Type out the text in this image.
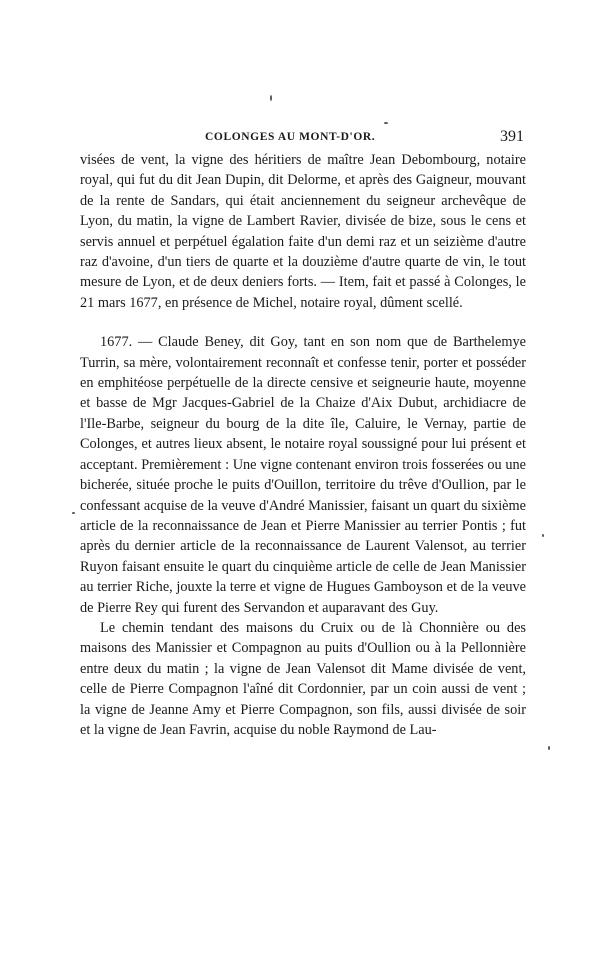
COLONGES AU MONT-D'OR.	391

visées de vent, la vigne des héritiers de maître Jean Debombourg, notaire royal, qui fut du dit Jean Dupin, dit Delorme, et après des Gaigneur, mouvant de la rente de Sandars, qui était anciennement du seigneur archevêque de Lyon, du matin, la vigne de Lambert Ravier, divisée de bize, sous le cens et servis annuel et perpétuel égalation faite d'un demi raz et un seizième d'autre raz d'avoine, d'un tiers de quarte et la douzième d'autre quarte de vin, le tout mesure de Lyon, et de deux deniers forts. — Item, fait et passé à Colonges, le 21 mars 1677, en présence de Michel, notaire royal, dûment scellé.

1677. — Claude Beney, dit Goy, tant en son nom que de Barthelemye Turrin, sa mère, volontairement reconnaît et confesse tenir, porter et posséder en emphitéose perpétuelle de la directe censive et seigneurie haute, moyenne et basse de Mgr Jacques-Gabriel de la Chaize d'Aix Dubut, archidiacre de l'Ile-Barbe, seigneur du bourg de la dite île, Caluire, le Vernay, partie de Colonges, et autres lieux absent, le notaire royal soussigné pour lui présent et acceptant. Premièrement : Une vigne contenant environ trois fosserées ou une bicherée, située proche le puits d'Ouillon, territoire du trêve d'Oullion, par le confessant acquise de la veuve d'André Manissier, faisant un quart du sixième article de la reconnaissance de Jean et Pierre Manissier au terrier Pontis ; fut après du dernier article de la reconnaissance de Laurent Valensot, au terrier Ruyon faisant ensuite le quart du cinquième article de celle de Jean Manissier au terrier Riche, jouxte la terre et vigne de Hugues Gamboyson et de la veuve de Pierre Rey qui furent des Servandon et auparavant des Guy.

Le chemin tendant des maisons du Cruix ou de là Chonnière ou des maisons des Manissier et Compagnon au puits d'Oullion ou à la Pellonnière entre deux du matin ; la vigne de Jean Valensot dit Mame divisée de vent, celle de Pierre Compagnon l'aîné dit Cordonnier, par un coin aussi de vent ; la vigne de Jeanne Amy et Pierre Compagnon, son fils, aussi divisée de soir et la vigne de Jean Favrin, acquise du noble Raymond de Lau-
